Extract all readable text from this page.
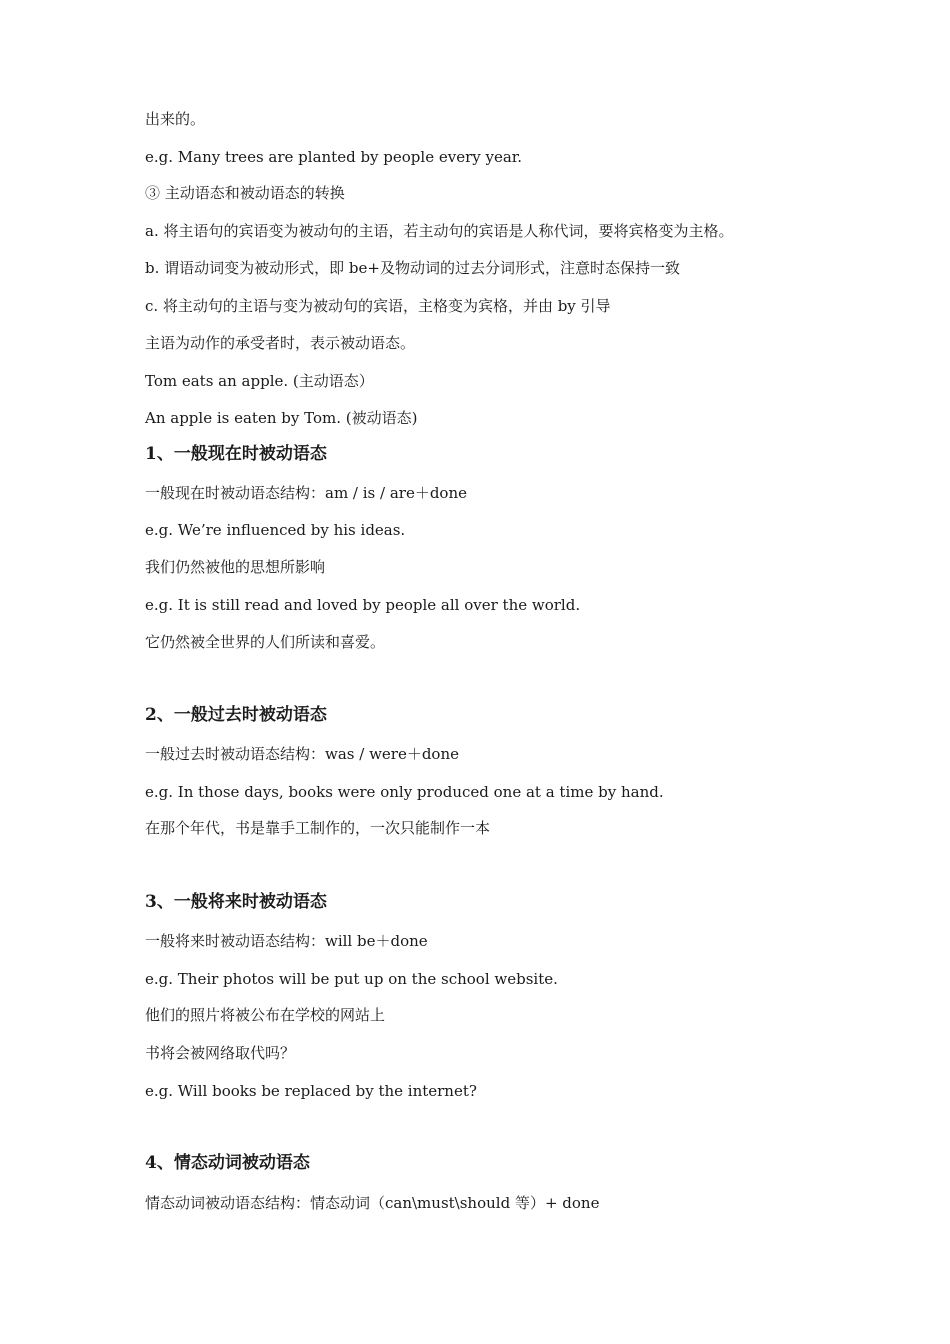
出来的。
e.g. Many trees are planted by people every year.
③ 主动语态和被动语态的转换
a. 将主语句的宾语变为被动句的主语，若主动句的宾语是人称代词，要将宾格变为主格。
b. 谓语动词变为被动形式，即 be+及物动词的过去分词形式，注意时态保持一致
c. 将主动句的主语与变为被动句的宾语，主格变为宾格，并由 by 引导
主语为动作的承受者时，表示被动语态。
Tom eats an apple. (主动语态）
An apple is eaten by Tom. (被动语态)
1、一般现在时被动语态
一般现在时被动语态结构：am / is / are＋done
e.g. We’re influenced by his ideas.
我们仍然被他的思想所影响
e.g. It is still read and loved by people all over the world.
它仍然被全世界的人们所读和喜爱。
2、一般过去时被动语态
一般过去时被动语态结构：was / were＋done
e.g. In those days, books were only produced one at a time by hand.
在那个年代，书是靠手工制作的，一次只能制作一本
3、一般将来时被动语态
一般将来时被动语态结构：will be＋done
e.g. Their photos will be put up on the school website.
他们的照片将被公布在学校的网站上
书将会被网络取代吗？
e.g. Will books be replaced by the internet?
4、情态动词被动语态
情态动词被动语态结构：情态动词（can\must\should 等）+ done
